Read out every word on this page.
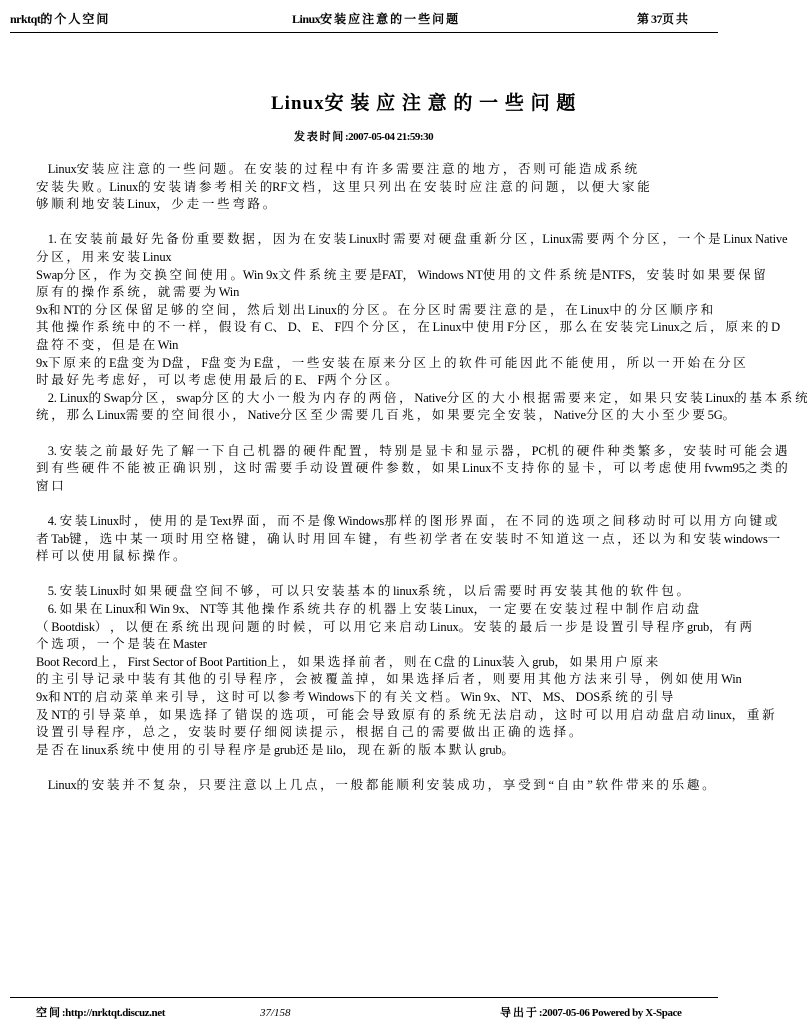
nrktqt的 个 人 空 间	Linux安 装 应 注 意 的 一 些 问 题	第 37页 共
Linux安 装 应 注 意 的 一 些 问 题
发 表 时 间 :2007-05-04 21:59:30
Linux安 装 应 注 意 的 一 些 问 题 。 在 安 装 的 过 程 中 有 许 多 需 要 注 意 的 地 方 ， 否 则 可 能 造 成 系 统
安 装 失 败 。Linux的 安 装 请 参 考 相 关 的RF文 档 ， 这 里 只 列 出 在 安 装 时 应 注 意 的 问 题 ， 以 便 大 家 能
够 顺 利 地 安 装 Linux， 少 走 一 些 弯 路 。
1. 在 安 装 前 最 好 先 备 份 重 要 数 据 ， 因 为 在 安 装 Linux时 需 要 对 硬 盘 重 新 分 区 ，Linux需 要 两 个 分 区 ， 一 个 是 Linux Native
分 区 ， 用 来 安 装 Linux
Swap分 区 ， 作 为 交 换 空 间 使 用 。Win 9x文 件 系 统 主 要 是FAT， Windows NT使 用 的 文 件 系 统 是NTFS， 安 装 时 如 果 要 保 留
原 有 的 操 作 系 统 ， 就 需 要 为 Win
9x和 NT的 分 区 保 留 足 够 的 空 间 ， 然 后 划 出 Linux的 分 区 。 在 分 区 时 需 要 注 意 的 是 ， 在 Linux中 的 分 区 顺 序 和
其 他 操 作 系 统 中 的 不 一 样 ， 假 设 有 C、 D、 E、 F四 个 分 区 ， 在 Linux中 使 用 F分 区 ， 那 么 在 安 装 完 Linux之 后 ， 原 来 的 D
盘 符 不 变 ， 但 是 在 Win
9x下 原 来 的 E盘 变 为 D盘 ， F盘 变 为 E盘 ， 一 些 安 装 在 原 来 分 区 上 的 软 件 可 能 因 此 不 能 使 用 ， 所 以 一 开 始 在 分 区
时 最 好 先 考 虑 好 ， 可 以 考 虑 使 用 最 后 的 E、 F两 个 分 区 。
2. Linux的 Swap分 区 ， swap分 区 的 大 小 一 般 为 内 存 的 两 倍 ， Native分 区 的 大 小 根 据 需 要 来 定 ， 如 果 只 安 装 Linux的 基 本 系 统
统 ， 那 么 Linux需 要 的 空 间 很 小 ， Native分 区 至 少 需 要 几 百 兆 ， 如 果 要 完 全 安 装 ， Native分 区 的 大 小 至 少 要 5G。
3. 安 装 之 前 最 好 先 了 解 一 下 自 己 机 器 的 硬 件 配 置 ， 特 别 是 显 卡 和 显 示 器 ， PC机 的 硬 件 种 类 繁 多 ， 安 装 时 可 能 会 遇
到 有 些 硬 件 不 能 被 正 确 识 别 ， 这 时 需 要 手 动 设 置 硬 件 参 数 ， 如 果 Linux不 支 持 你 的 显 卡 ， 可 以 考 虑 使 用 fvwm95之 类 的
窗 口
4. 安 装 Linux时 ， 使 用 的 是 Text界 面 ， 而 不 是 像 Windows那 样 的 图 形 界 面 ， 在 不 同 的 选 项 之 间 移 动 时 可 以 用 方 向 键 或
者 Tab键 ， 选 中 某 一 项 时 用 空 格 键 ， 确 认 时 用 回 车 键 ， 有 些 初 学 者 在 安 装 时 不 知 道 这 一 点 ， 还 以 为 和 安 装 windows一
样 可 以 使 用 鼠 标 操 作 。
5. 安 装 Linux时 如 果 硬 盘 空 间 不 够 ， 可 以 只 安 装 基 本 的 linux系 统 ， 以 后 需 要 时 再 安 装 其 他 的 软 件 包 。
6. 如 果 在 Linux和 Win 9x、 NT等 其 他 操 作 系 统 共 存 的 机 器 上 安 装 Linux， 一 定 要 在 安 装 过 程 中 制 作 启 动 盘
（ Bootdisk） ， 以 便 在 系 统 出 现 问 题 的 时 候 ， 可 以 用 它 来 启 动 Linux。 安 装 的 最 后 一 步 是 设 置 引 导 程 序 grub， 有 两
个 选 项 ， 一 个 是 装 在 Master
Boot Record上 ， First Sector of Boot Partition上 ， 如 果 选 择 前 者 ， 则 在 C盘 的 Linux装 入 grub， 如 果 用 户 原 来
的 主 引 导 记 录 中 装 有 其 他 的 引 导 程 序 ， 会 被 覆 盖 掉 ， 如 果 选 择 后 者 ， 则 要 用 其 他 方 法 来 引 导 ， 例 如 使 用 Win
9x和 NT的 启 动 菜 单 来 引 导 ， 这 时 可 以 参 考 Windows下 的 有 关 文 档 。 Win 9x、 NT、 MS、 DOS系 统 的 引 导
及 NT的 引 导 菜 单 ， 如 果 选 择 了 错 误 的 选 项 ， 可 能 会 导 致 原 有 的 系 统 无 法 启 动 ， 这 时 可 以 用 启 动 盘 启 动 linux， 重 新
设 置 引 导 程 序 ， 总 之 ， 安 装 时 要 仔 细 阅 读 提 示 ， 根 据 自 己 的 需 要 做 出 正 确 的 选 择 。
是 否 在 linux系 统 中 使 用 的 引 导 程 序 是 grub还 是 lilo， 现 在 新 的 版 本 默 认 grub。
Linux的 安 装 并 不 复 杂 ， 只 要 注 意 以 上 几 点 ， 一 般 都 能 顺 利 安 装 成 功 ， 享 受 到 “ 自 由 ” 软 件 带 来 的 乐 趣 。
空 间 :http://nrktqt.discuz.net	37/158	导 出 于 :2007-05-06 Powered by X-Space
